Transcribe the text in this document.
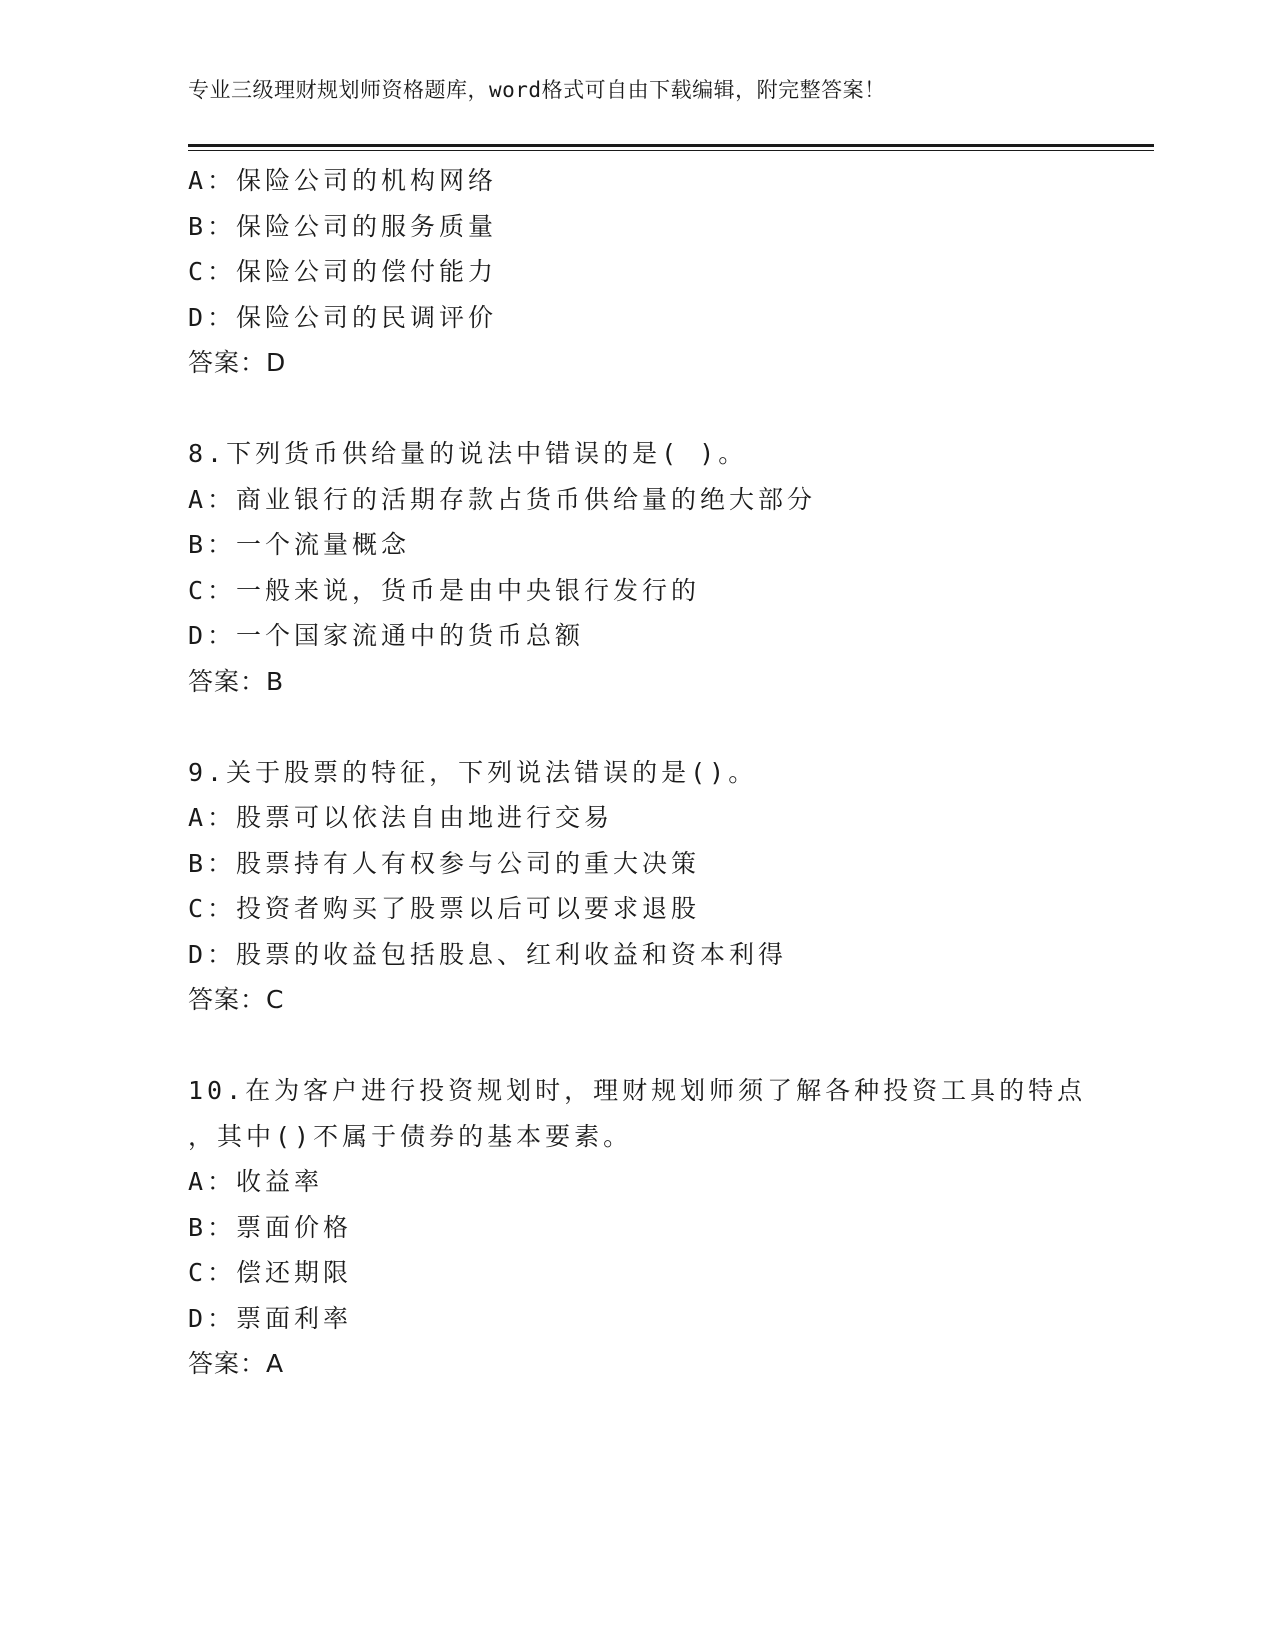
专业三级理财规划师资格题库，word格式可自由下载编辑，附完整答案！
A：保险公司的机构网络
B：保险公司的服务质量
C：保险公司的偿付能力
D：保险公司的民调评价
答案：D
8.下列货币供给量的说法中错误的是( )。
A：商业银行的活期存款占货币供给量的绝大部分
B：一个流量概念
C：一般来说，货币是由中央银行发行的
D：一个国家流通中的货币总额
答案：B
9.关于股票的特征，下列说法错误的是()。
A：股票可以依法自由地进行交易
B：股票持有人有权参与公司的重大决策
C：投资者购买了股票以后可以要求退股
D：股票的收益包括股息、红利收益和资本利得
答案：C
10.在为客户进行投资规划时，理财规划师须了解各种投资工具的特点
，其中()不属于债券的基本要素。
A：收益率
B：票面价格
C：偿还期限
D：票面利率
答案：A
